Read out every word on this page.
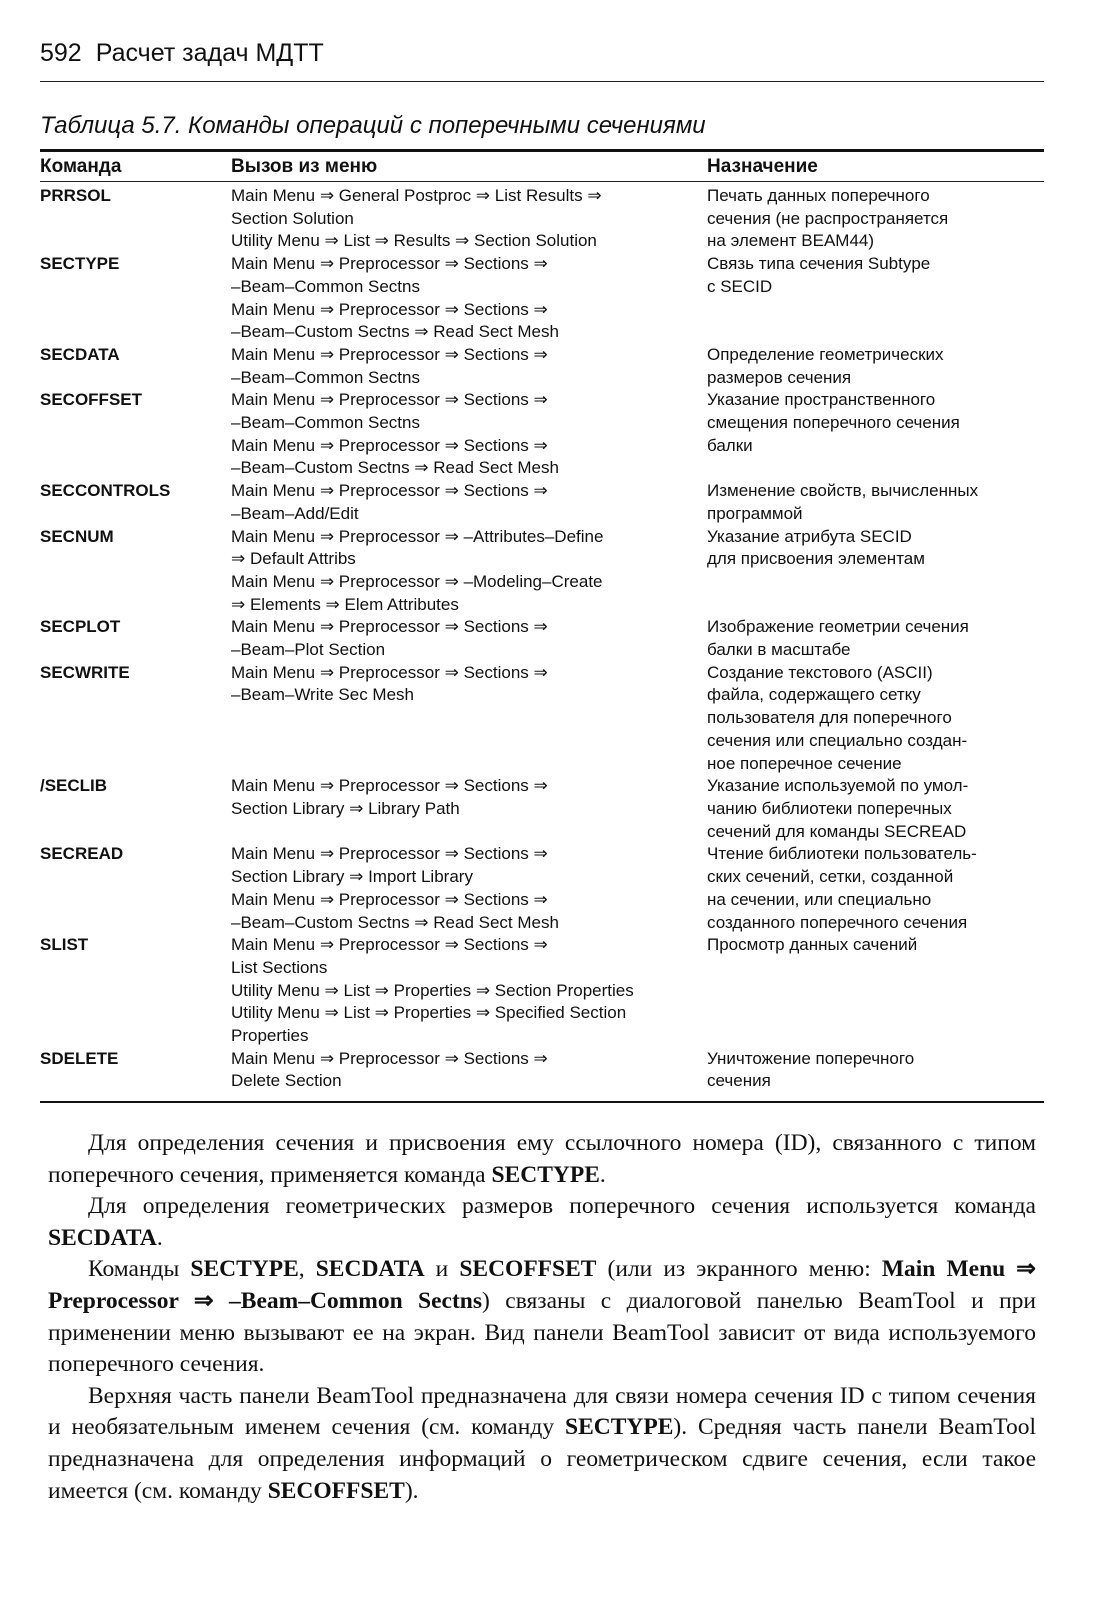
592 Расчет задач МДТТ
Таблица 5.7. Команды операций с поперечными сечениями
Команда	Вызов из меню	Назначение
PRRSOL	Main Menu ⇒ General Postproc ⇒ List Results ⇒
Section Solution
Utility Menu ⇒ List ⇒ Results ⇒ Section Solution	Печать данных поперечного
сечения (не распространяется
на элемент BEAM44)

SECTYPE	Main Menu ⇒ Preprocessor ⇒ Sections ⇒
–Beam–Common Sectns
Main Menu ⇒ Preprocessor ⇒ Sections ⇒
–Beam–Custom Sectns ⇒ Read Sect Mesh	Связь типа сечения Subtype
с SECID

SECDATA	Main Menu ⇒ Preprocessor ⇒ Sections ⇒
–Beam–Common Sectns	Определение геометрических
размеров сечения

SECOFFSET	Main Menu ⇒ Preprocessor ⇒ Sections ⇒
–Beam–Common Sectns
Main Menu ⇒ Preprocessor ⇒ Sections ⇒
–Beam–Custom Sectns ⇒ Read Sect Mesh	Указание пространственного
смещения поперечного сечения
балки

SECCONTROLS	Main Menu ⇒ Preprocessor ⇒ Sections ⇒
–Beam–Add/Edit	Изменение свойств, вычисленных
программой

SECNUM	Main Menu ⇒ Preprocessor ⇒ –Attributes–Define
⇒ Default Attribs
Main Menu ⇒ Preprocessor ⇒ –Modeling–Create
⇒ Elements ⇒ Elem Attributes	Указание атрибута SECID
для присвоения элементам

SECPLOT	Main Menu ⇒ Preprocessor ⇒ Sections ⇒
–Beam–Plot Section	Изображение геометрии сечения
балки в масштабе

SECWRITE	Main Menu ⇒ Preprocessor ⇒ Sections ⇒
–Beam–Write Sec Mesh	Создание текстового (ASCII)
файла, содержащего сетку
пользователя для поперечного
сечения или специально создан-
ное поперечное сечение

/SECLIB	Main Menu ⇒ Preprocessor ⇒ Sections ⇒
Section Library ⇒ Library Path	Указание используемой по умол-
чанию библиотеки поперечных
сечений для команды SECREAD

SECREAD	Main Menu ⇒ Preprocessor ⇒ Sections ⇒
Section Library ⇒ Import Library
Main Menu ⇒ Preprocessor ⇒ Sections ⇒
–Beam–Custom Sectns ⇒ Read Sect Mesh	Чтение библиотеки пользователь-
ских сечений, сетки, созданной
на сечении, или специально
созданного поперечного сечения

SLIST	Main Menu ⇒ Preprocessor ⇒ Sections ⇒
List Sections
Utility Menu ⇒ List ⇒ Properties ⇒ Section Properties
Utility Menu ⇒ List ⇒ Properties ⇒ Specified Section
Properties	Просмотр данных сачений

SDELETE	Main Menu ⇒ Preprocessor ⇒ Sections ⇒
Delete Section	Уничтожение поперечного
сечения

Для определения сечения и присвоения ему ссылочного номера (ID), связанного с типом поперечного сечения, применяется команда SECTYPE.

Для определения геометрических размеров поперечного сечения используется команда SECDATA.

Команды SECTYPE, SECDATA и SECOFFSET (или из экранного меню: Main Menu ⇒ Preprocessor ⇒ –Beam–Common Sectns) связаны с диалоговой панелью BeamTool и при применении меню вызывают ее на экран. Вид панели BeamTool зависит от вида используемого поперечного сечения.

Верхняя часть панели BeamTool предназначена для связи номера сечения ID с типом сечения и необязательным именем сечения (см. команду SECTYPE). Средняя часть панели BeamTool предназначена для определения информаций о геометрическом сдвиге сечения, если такое имеется (см. команду SECOFFSET).
